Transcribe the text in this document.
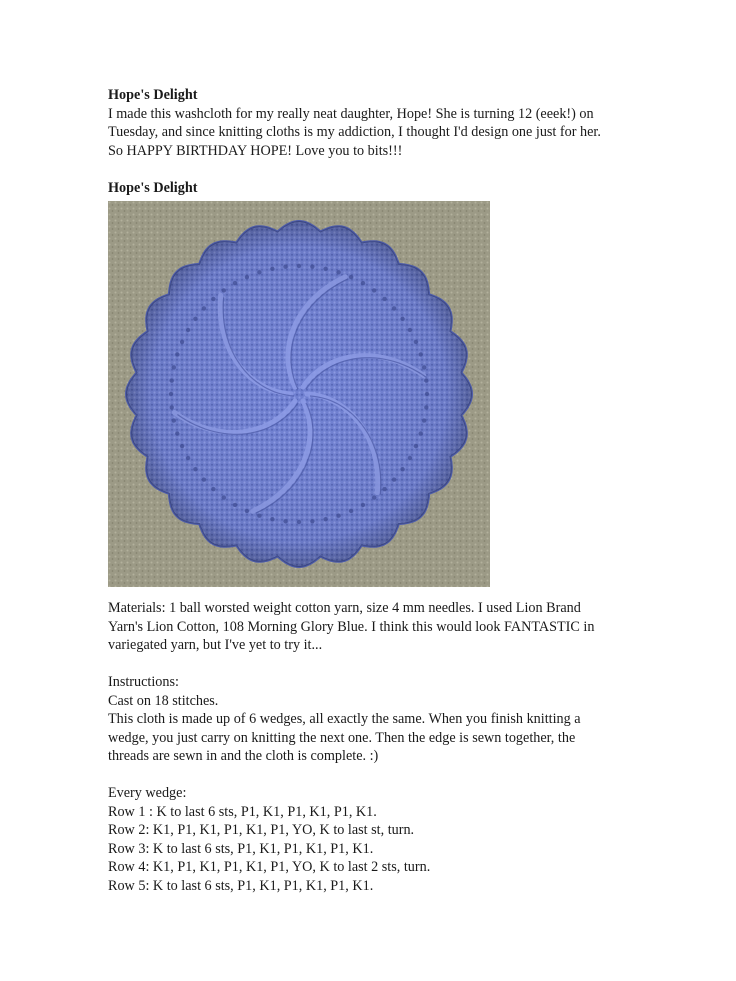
Hope's Delight

I made this washcloth for my really neat daughter, Hope! She is turning 12 (eeek!) on

Tuesday, and since knitting cloths is my addiction, I thought I'd design one just for her.

So HAPPY BIRTHDAY HOPE! Love you to bits!!!

Hope's Delight

Materials: 1 ball worsted weight cotton yarn, size 4 mm needles. I used Lion Brand

Yarn's Lion Cotton, 108 Morning Glory Blue. I think this would look FANTASTIC in

variegated yarn, but I've yet to try it...

Instructions:

Cast on 18 stitches.

This cloth is made up of 6 wedges, all exactly the same. When you finish knitting a

wedge, you just carry on knitting the next one. Then the edge is sewn together, the

threads are sewn in and the cloth is complete. :)

Every wedge:

Row 1 : K to last 6 sts, P1, K1, P1, K1, P1, K1.

Row 2: K1, P1, K1, P1, K1, P1, YO, K to last st, turn.

Row 3: K to last 6 sts, P1, K1, P1, K1, P1, K1.

Row 4: K1, P1, K1, P1, K1, P1, YO, K to last 2 sts, turn.

Row 5: K to last 6 sts, P1, K1, P1, K1, P1, K1.
